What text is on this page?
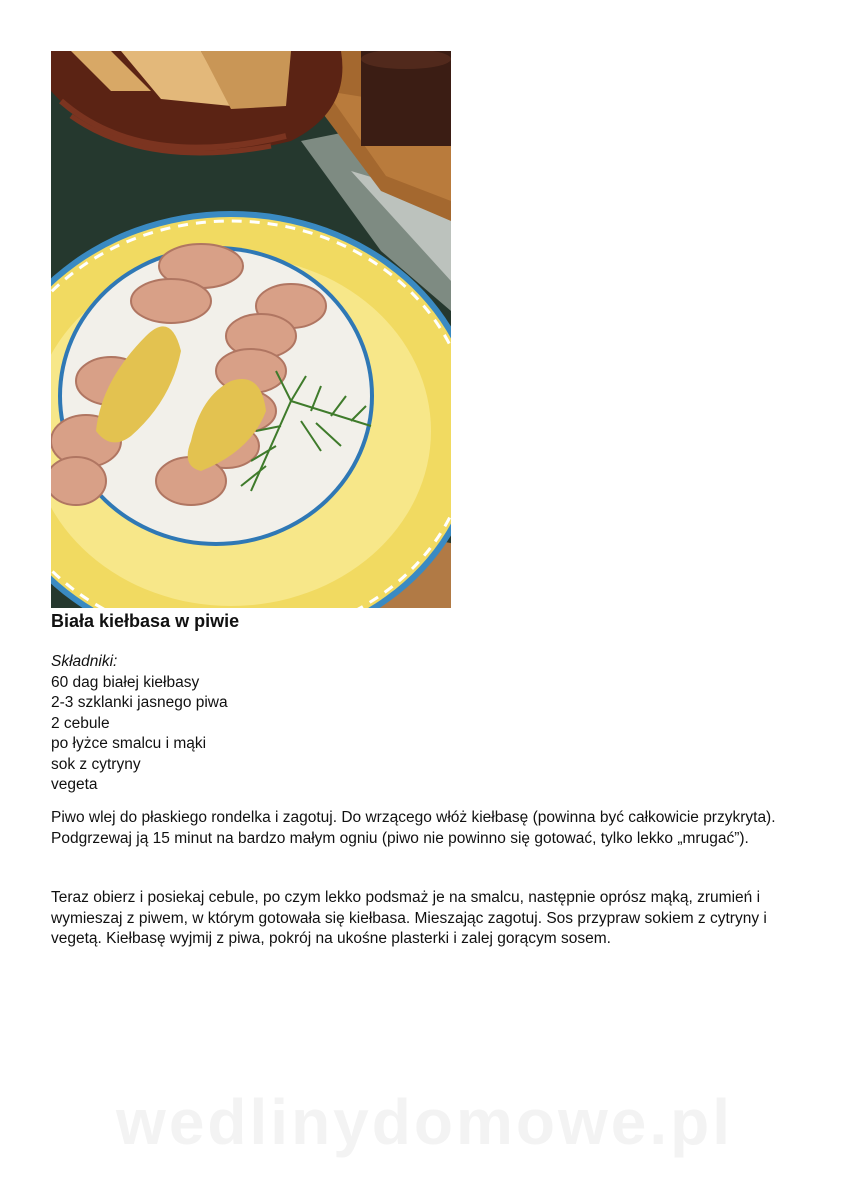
Biała kiełbasa w piwie
Składniki:
60 dag białej kiełbasy
2-3 szklanki jasnego piwa
2 cebule
po łyżce smalcu i mąki
sok z cytryny
vegeta

Piwo wlej do płaskiego rondelka i zagotuj. Do wrzącego włóż kiełbasę (powinna być całkowicie przykryta). Podgrzewaj ją 15 minut na bardzo małym ogniu (piwo nie powinno się gotować, tylko lekko „mrugać”).

Teraz obierz i posiekaj cebule, po czym lekko podsmaż je na smalcu, następnie oprósz mąką, zrumień i wymieszaj z piwem, w którym gotowała się kiełbasa. Mieszając zagotuj. Sos przypraw sokiem z cytryny i vegetą. Kiełbasę wyjmij z piwa, pokrój na ukośne plasterki i zalej gorącym sosem.

wedlinydomowe.pl
